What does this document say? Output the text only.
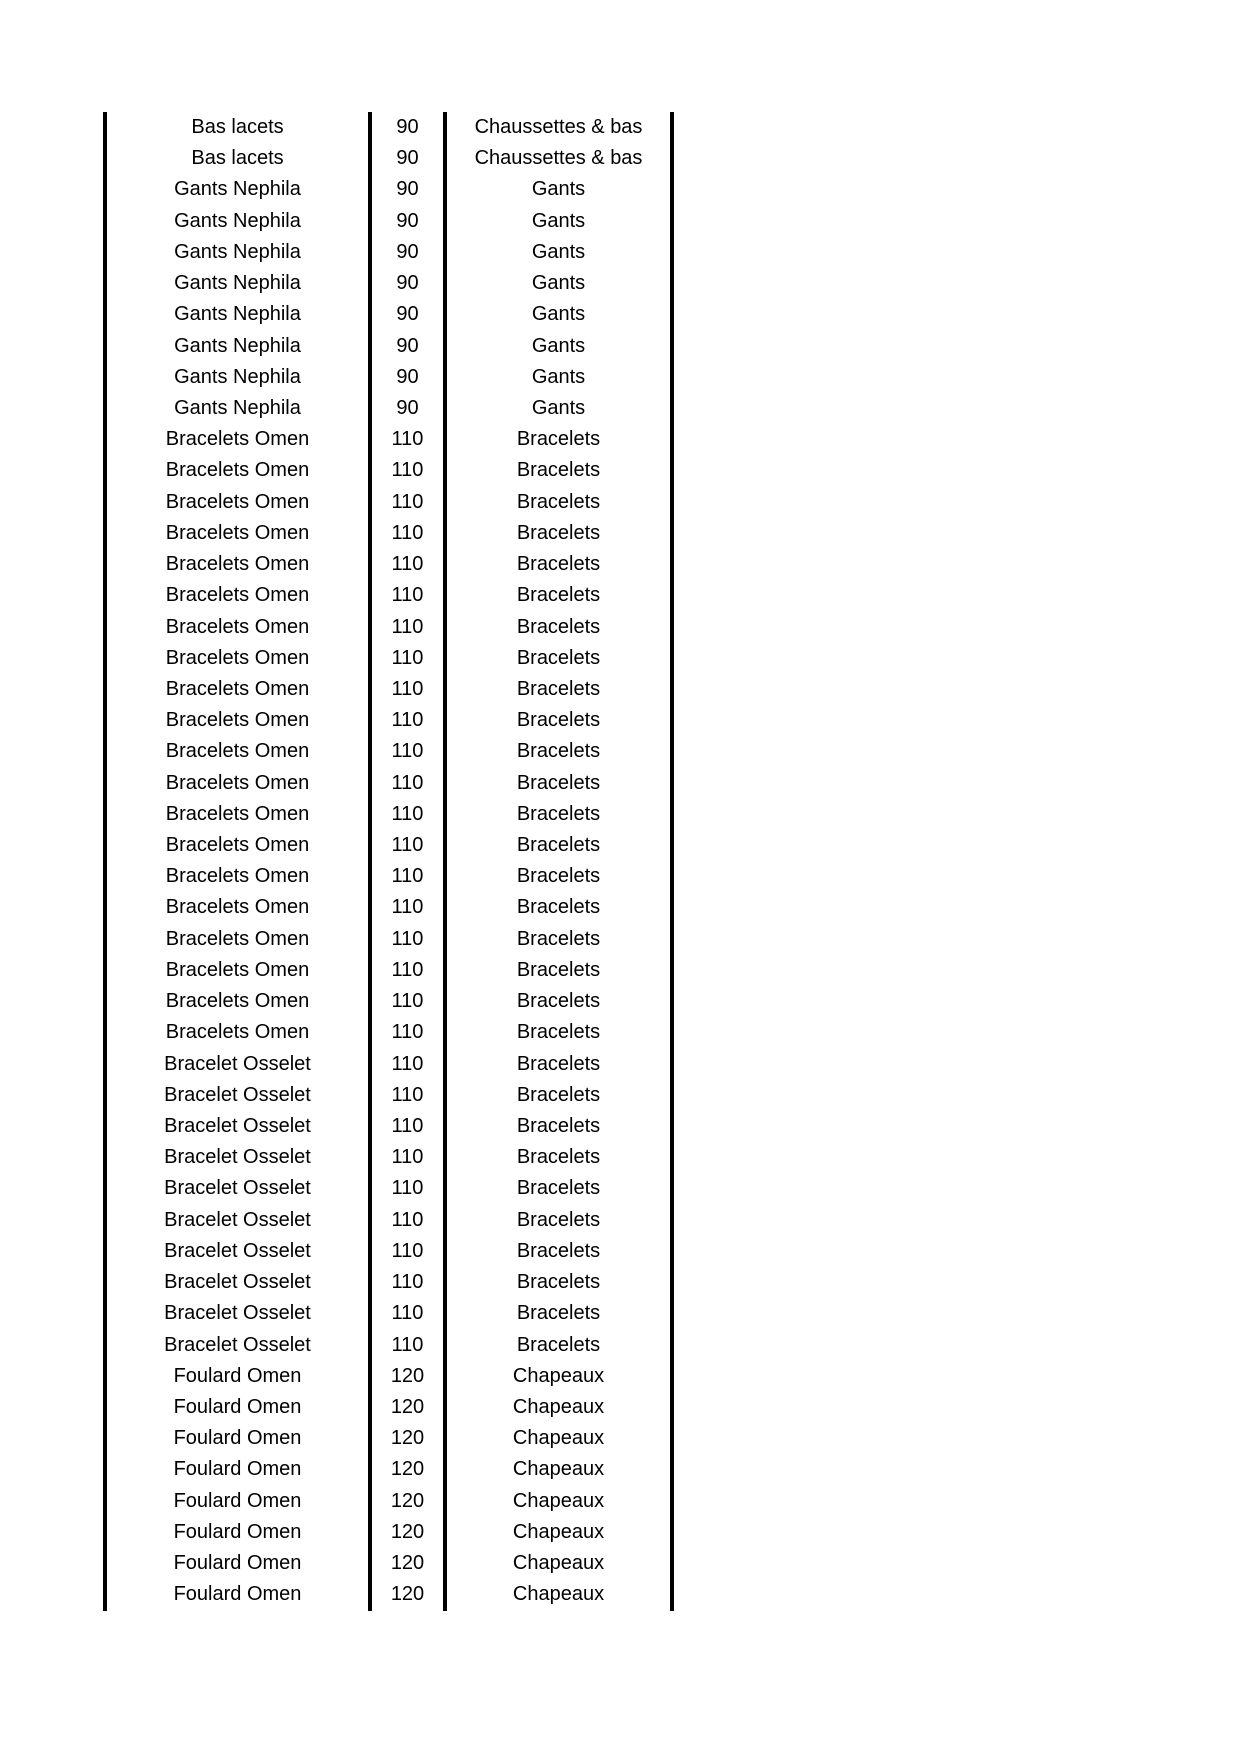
Bas lacets	90	Chaussettes & bas
Bas lacets	90	Chaussettes & bas
Gants Nephila	90	Gants
Gants Nephila	90	Gants
Gants Nephila	90	Gants
Gants Nephila	90	Gants
Gants Nephila	90	Gants
Gants Nephila	90	Gants
Gants Nephila	90	Gants
Gants Nephila	90	Gants
Bracelets Omen	110	Bracelets
Bracelets Omen	110	Bracelets
Bracelets Omen	110	Bracelets
Bracelets Omen	110	Bracelets
Bracelets Omen	110	Bracelets
Bracelets Omen	110	Bracelets
Bracelets Omen	110	Bracelets
Bracelets Omen	110	Bracelets
Bracelets Omen	110	Bracelets
Bracelets Omen	110	Bracelets
Bracelets Omen	110	Bracelets
Bracelets Omen	110	Bracelets
Bracelets Omen	110	Bracelets
Bracelets Omen	110	Bracelets
Bracelets Omen	110	Bracelets
Bracelets Omen	110	Bracelets
Bracelets Omen	110	Bracelets
Bracelets Omen	110	Bracelets
Bracelets Omen	110	Bracelets
Bracelets Omen	110	Bracelets
Bracelet Osselet	110	Bracelets
Bracelet Osselet	110	Bracelets
Bracelet Osselet	110	Bracelets
Bracelet Osselet	110	Bracelets
Bracelet Osselet	110	Bracelets
Bracelet Osselet	110	Bracelets
Bracelet Osselet	110	Bracelets
Bracelet Osselet	110	Bracelets
Bracelet Osselet	110	Bracelets
Bracelet Osselet	110	Bracelets
Foulard Omen	120	Chapeaux
Foulard Omen	120	Chapeaux
Foulard Omen	120	Chapeaux
Foulard Omen	120	Chapeaux
Foulard Omen	120	Chapeaux
Foulard Omen	120	Chapeaux
Foulard Omen	120	Chapeaux
Foulard Omen	120	Chapeaux
